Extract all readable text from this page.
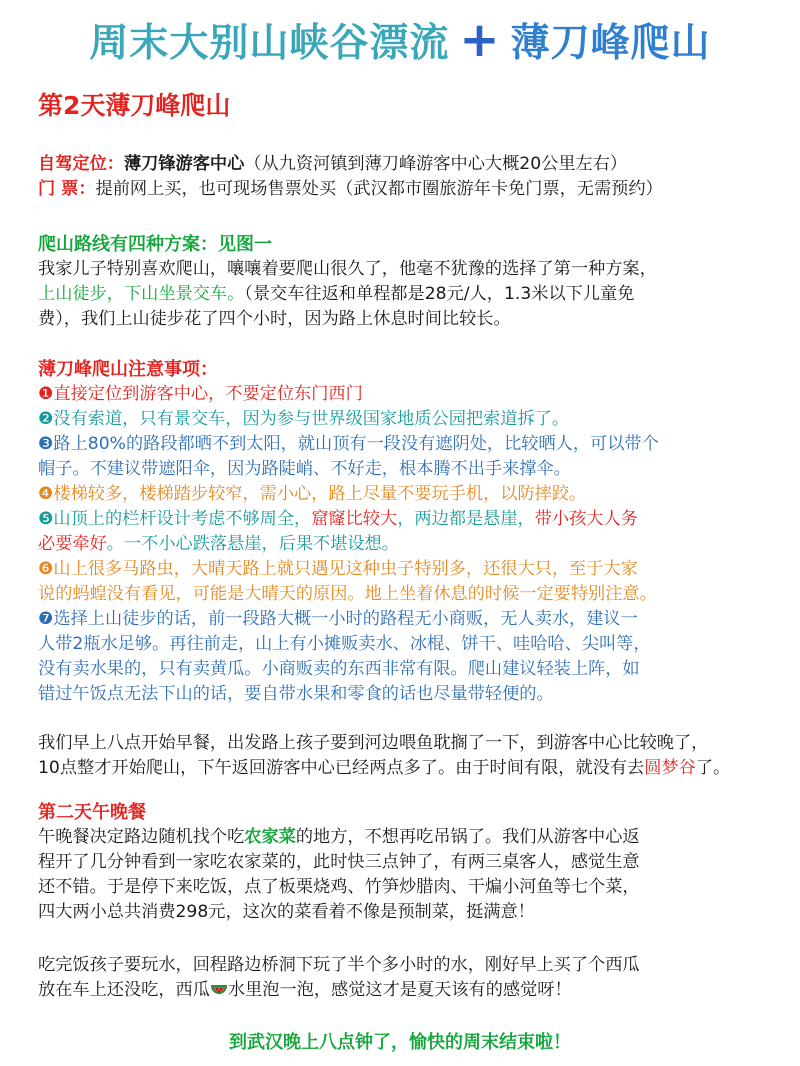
周末大别山峡谷漂流 + 薄刀峰爬山
第2天薄刀峰爬山
自驾定位：薄刀锋游客中心（从九资河镇到薄刀峰游客中心大概20公里左右）
门 票：提前网上买，也可现场售票处买（武汉都市圈旅游年卡免门票，无需预约）
爬山路线有四种方案：见图一
我家儿子特别喜欢爬山，嚷嚷着要爬山很久了，他毫不犹豫的选择了第一种方案，
上山徒步，下山坐景交车。（景交车往返和单程都是28元/人，1.3米以下儿童免
费），我们上山徒步花了四个小时，因为路上休息时间比较长。
薄刀峰爬山注意事项：
❶直接定位到游客中心，不要定位东门西门
❷没有索道，只有景交车，因为参与世界级国家地质公园把索道拆了。
❸路上80%的路段都晒不到太阳，就山顶有一段没有遮阴处，比较晒人，可以带个
帽子。不建议带遮阳伞，因为路陡峭、不好走，根本腾不出手来撑伞。
❹楼梯较多，楼梯踏步较窄，需小心，路上尽量不要玩手机，以防摔跤。
❺山顶上的栏杆设计考虑不够周全，窟窿比较大，两边都是悬崖，带小孩大人务
必要牵好。一不小心跌落悬崖，后果不堪设想。
❻山上很多马路虫，大晴天路上就只遇见这种虫子特别多，还很大只，至于大家
说的蚂蝗没有看见，可能是大晴天的原因。地上坐着休息的时候一定要特别注意。
❼选择上山徒步的话，前一段路大概一小时的路程无小商贩，无人卖水，建议一
人带2瓶水足够。再往前走，山上有小摊贩卖水、冰棍、饼干、哇哈哈、尖叫等，
没有卖水果的，只有卖黄瓜。小商贩卖的东西非常有限。爬山建议轻装上阵，如
错过午饭点无法下山的话，要自带水果和零食的话也尽量带轻便的。
我们早上八点开始早餐，出发路上孩子要到河边喂鱼耽搁了一下，到游客中心比较晚了，
10点整才开始爬山，下午返回游客中心已经两点多了。由于时间有限，就没有去圆梦谷了。
第二天午晚餐
午晚餐决定路边随机找个吃农家菜的地方，不想再吃吊锅了。我们从游客中心返
程开了几分钟看到一家吃农家菜的，此时快三点钟了，有两三桌客人，感觉生意
还不错。于是停下来吃饭，点了板栗烧鸡、竹笋炒腊肉、干煸小河鱼等七个菜，
四大两小总共消费298元，这次的菜看着不像是预制菜，挺满意！
吃完饭孩子要玩水，回程路边桥洞下玩了半个多小时的水，刚好早上买了个西瓜
放在车上还没吃，西瓜 水里泡一泡，感觉这才是夏天该有的感觉呀！
到武汉晚上八点钟了，愉快的周末结束啦！
